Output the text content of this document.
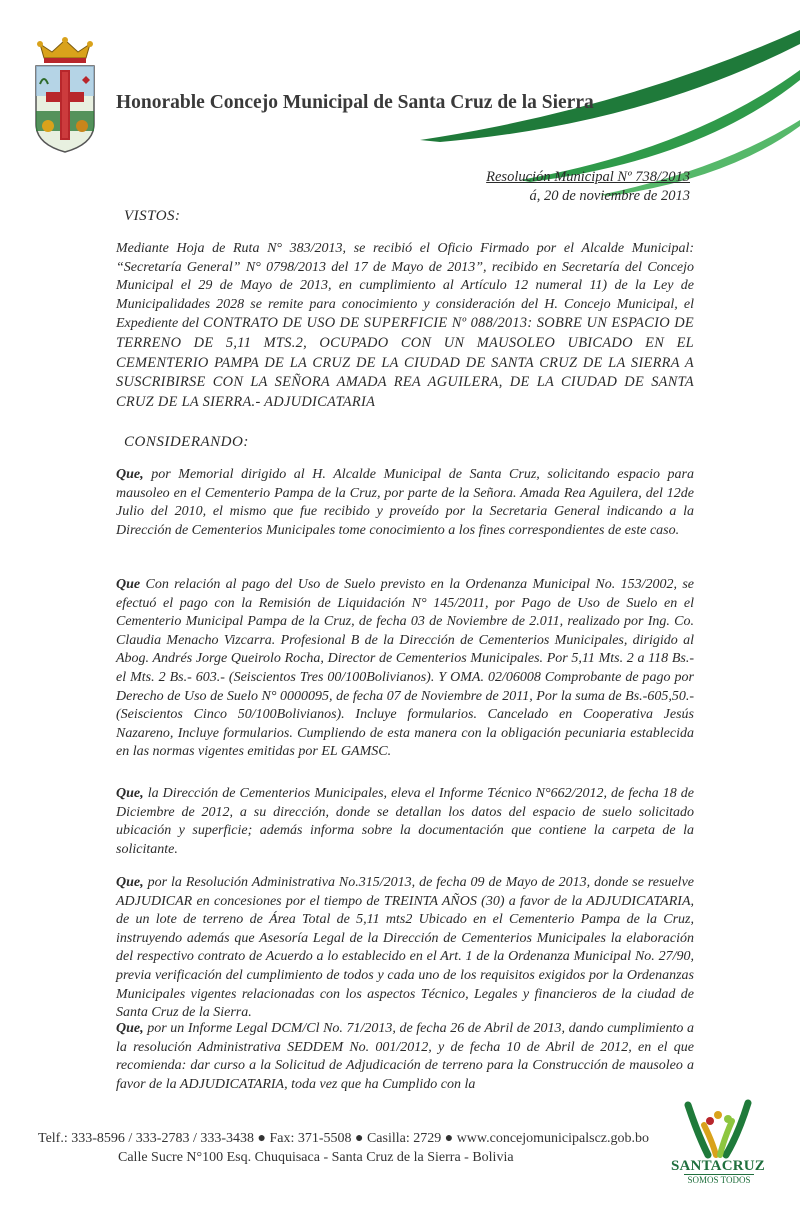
Honorable Concejo Municipal de Santa Cruz de la Sierra
Resolución Municipal Nº 738/2013
á, 20 de noviembre de 2013

VISTOS:

Mediante Hoja de Ruta N° 383/2013, se recibió el Oficio Firmado por el Alcalde Municipal: “Secretaría General” N° 0798/2013 del 17 de Mayo de 2013”, recibido en Secretaría del Concejo Municipal el 29 de Mayo de 2013, en cumplimiento al Artículo 12 numeral 11) de la Ley de Municipalidades 2028 se remite para conocimiento y consideración del H. Concejo Municipal, el Expediente del CONTRATO DE USO DE SUPERFICIE Nº 088/2013: SOBRE UN ESPACIO DE TERRENO DE 5,11 MTS.2, OCUPADO CON UN MAUSOLEO UBICADO EN EL CEMENTERIO PAMPA DE LA CRUZ DE LA CIUDAD DE SANTA CRUZ DE LA SIERRA A SUSCRIBIRSE CON LA SEÑORA AMADA REA AGUILERA, DE LA CIUDAD DE SANTA CRUZ DE LA SIERRA.- ADJUDICATARIA

CONSIDERANDO:

Que, por Memorial dirigido al H. Alcalde Municipal de Santa Cruz, solicitando espacio para mausoleo en el Cementerio Pampa de la Cruz, por parte de la Señora. Amada Rea Aguilera, del 12de Julio del 2010, el mismo que fue recibido y proveído por la Secretaria General indicando a la Dirección de Cementerios Municipales tome conocimiento a los fines correspondientes de este caso.

Que Con relación al pago del Uso de Suelo previsto en la Ordenanza Municipal No. 153/2002, se efectuó el pago con la Remisión de Liquidación N° 145/2011, por Pago de Uso de Suelo en el Cementerio Municipal Pampa de la Cruz, de fecha 03 de Noviembre de 2.011, realizado por Ing. Co. Claudia Menacho Vizcarra. Profesional B de la Dirección de Cementerios Municipales, dirigido al Abog. Andrés Jorge Queirolo Rocha, Director de Cementerios Municipales. Por 5,11 Mts. 2 a 118 Bs.- el Mts. 2 Bs.- 603.- (Seiscientos Tres 00/100Bolivianos). Y OMA. 02/06008 Comprobante de pago por Derecho de Uso de Suelo N° 0000095, de fecha 07 de Noviembre de 2011, Por la suma de Bs.-605,50.- (Seiscientos Cinco 50/100Bolivianos). Incluye formularios. Cancelado en Cooperativa Jesús Nazareno, Incluye formularios. Cumpliendo de esta manera con la obligación pecuniaria establecida en las normas vigentes emitidas por EL GAMSC.

Que, la Dirección de Cementerios Municipales, eleva el Informe Técnico N°662/2012, de fecha 18 de Diciembre de 2012, a su dirección, donde se detallan los datos del espacio de suelo solicitado ubicación y superficie; además informa sobre la documentación que contiene la carpeta de la solicitante.

Que, por la Resolución Administrativa No.315/2013, de fecha 09 de Mayo de 2013, donde se resuelve ADJUDICAR en concesiones por el tiempo de TREINTA AÑOS (30) a favor de la ADJUDICATARIA, de un lote de terreno de Área Total de 5,11 mts2 Ubicado en el Cementerio Pampa de la Cruz, instruyendo además que Asesoría Legal de la Dirección de Cementerios Municipales la elaboración del respectivo contrato de Acuerdo a lo establecido en el Art. 1 de la Ordenanza Municipal No. 27/90, previa verificación del cumplimiento de todos y cada uno de los requisitos exigidos por la Ordenanzas Municipales vigentes relacionadas con los aspectos Técnico, Legales y financieros de la ciudad de Santa Cruz de la Sierra.

Que, por un Informe Legal DCM/Cl No. 71/2013, de fecha 26 de Abril de 2013, dando cumplimiento a la resolución Administrativa SEDDEM No. 001/2012, y de fecha 10 de Abril de 2012, en el que recomienda: dar curso a la Solicitud de Adjudicación de terreno para la Construcción de mausoleo a favor de la ADJUDICATARIA, toda vez que ha Cumplido con la

Telf.: 333-8596 / 333-2783 / 333-3438 ● Fax: 371-5508 ● Casilla: 2729 ● www.concejomunicipalscz.gob.bo
Calle Sucre N°100 Esq. Chuquisaca - Santa Cruz de la Sierra - Bolivia
SANTACRUZ
SOMOS TODOS
